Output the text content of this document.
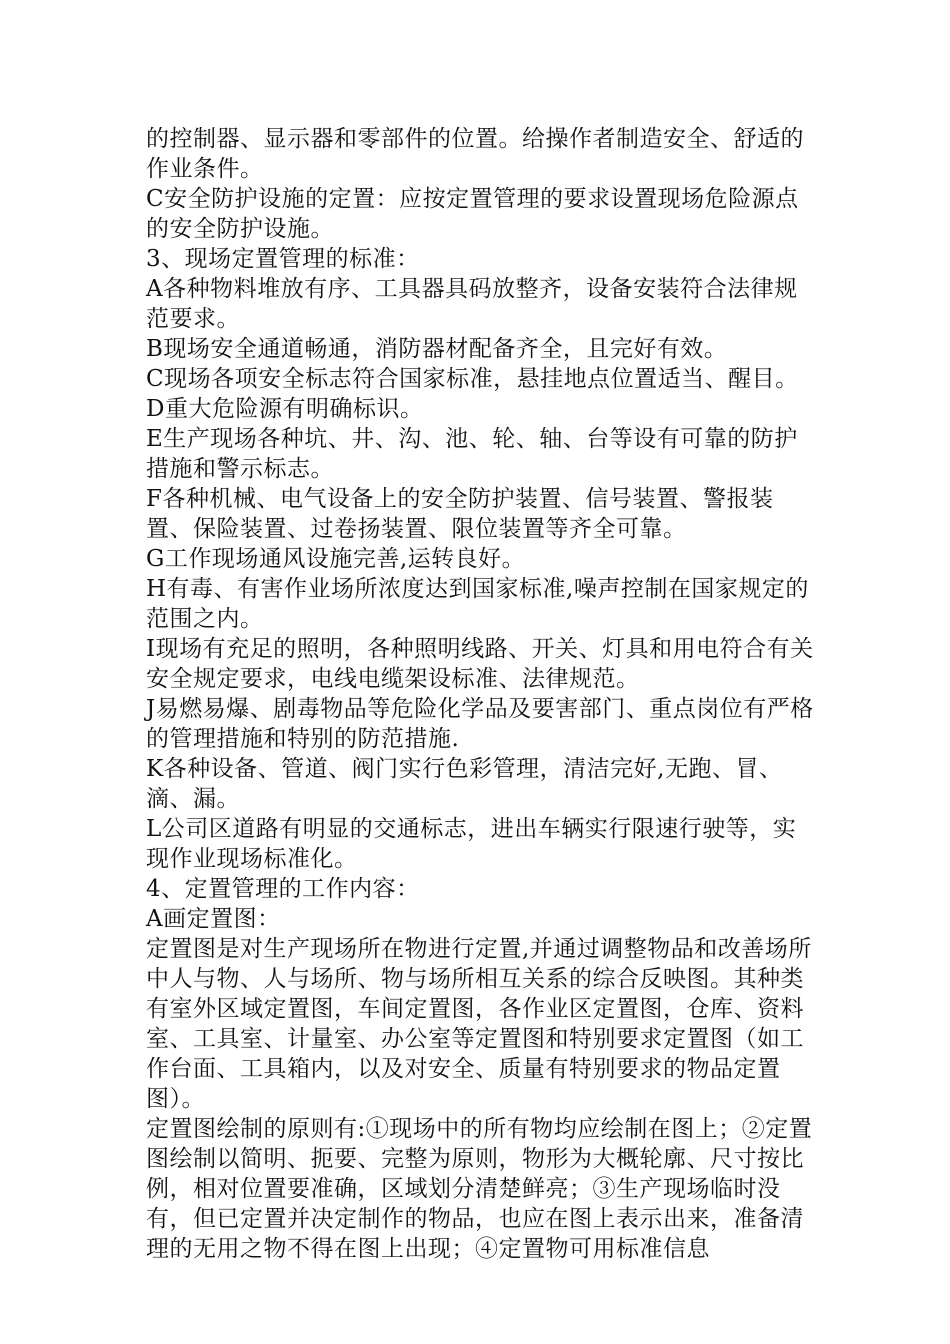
的控制器、显示器和零部件的位置。给操作者制造安全、舒适的作业条件。

C安全防护设施的定置：应按定置管理的要求设置现场危险源点的安全防护设施。

3、现场定置管理的标准：

A各种物料堆放有序、工具器具码放整齐，设备安装符合法律规范要求。

B现场安全通道畅通，消防器材配备齐全，且完好有效。

C现场各项安全标志符合国家标准，悬挂地点位置适当、醒目。

D重大危险源有明确标识。

E生产现场各种坑、井、沟、池、轮、轴、台等设有可靠的防护措施和警示标志。

F各种机械、电气设备上的安全防护装置、信号装置、警报装置、保险装置、过卷扬装置、限位装置等齐全可靠。

G工作现场通风设施完善,运转良好。

H有毒、有害作业场所浓度达到国家标准,噪声控制在国家规定的范围之内。

I现场有充足的照明，各种照明线路、开关、灯具和用电符合有关安全规定要求，电线电缆架设标准、法律规范。

J易燃易爆、剧毒物品等危险化学品及要害部门、重点岗位有严格的管理措施和特别的防范措施.

K各种设备、管道、阀门实行色彩管理，清洁完好,无跑、冒、滴、漏。

L公司区道路有明显的交通标志，进出车辆实行限速行驶等，实现作业现场标准化。

4、定置管理的工作内容：

A画定置图：

定置图是对生产现场所在物进行定置,并通过调整物品和改善场所中人与物、人与场所、物与场所相互关系的综合反映图。其种类有室外区域定置图，车间定置图，各作业区定置图，仓库、资料室、工具室、计量室、办公室等定置图和特别要求定置图（如工作台面、工具箱内，以及对安全、质量有特别要求的物品定置图）。

定置图绘制的原则有:①现场中的所有物均应绘制在图上；②定置图绘制以简明、扼要、完整为原则，物形为大概轮廓、尺寸按比例，相对位置要准确，区域划分清楚鲜亮；③生产现场临时没有，但已定置并决定制作的物品，也应在图上表示出来，准备清理的无用之物不得在图上出现；④定置物可用标准信息
